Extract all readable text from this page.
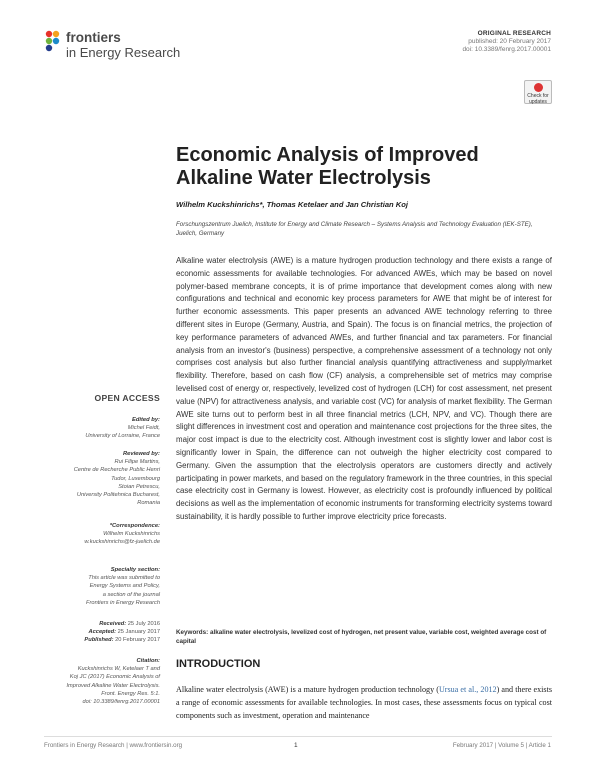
frontiers
in Energy Research
ORIGINAL RESEARCH
published: 20 February 2017
doi: 10.3389/fenrg.2017.00001
Check for updates
Economic Analysis of Improved
Alkaline Water Electrolysis
Wilhelm Kuckshinrichs*, Thomas Ketelaer and Jan Christian Koj
Forschungszentrum Juelich, Institute for Energy and Climate Research – Systems Analysis and Technology Evaluation (IEK-STE), Juelich, Germany
Alkaline water electrolysis (AWE) is a mature hydrogen production technology and there exists a range of economic assessments for available technologies. For advanced AWEs, which may be based on novel polymer-based membrane concepts, it is of prime importance that development comes along with new configurations and technical and economic key process parameters for AWE that might be of interest for further economic assessments. This paper presents an advanced AWE technology referring to three different sites in Europe (Germany, Austria, and Spain). The focus is on financial metrics, the projection of key performance parameters of advanced AWEs, and further financial and tax parameters. For financial analysis from an investor's (business) perspective, a comprehensive assessment of a technology not only comprises cost analysis but also further financial analysis quantifying attractiveness and supply/market flexibility. Therefore, based on cash flow (CF) analysis, a comprehensible set of metrics may comprise levelised cost of energy or, respectively, levelized cost of hydrogen (LCH) for cost assessment, net present value (NPV) for attractiveness analysis, and variable cost (VC) for analysis of market flexibility. The German AWE site turns out to perform best in all three financial metrics (LCH, NPV, and VC). Though there are slight differences in investment cost and operation and maintenance cost projections for the three sites, the major cost impact is due to the electricity cost. Although investment cost is slightly lower and labor cost is significantly lower in Spain, the difference can not outweigh the higher electricity cost compared to Germany. Given the assumption that the electrolysis operators are customers directly and actively participating in power markets, and based on the regulatory framework in the three countries, in this special case electricity cost in Germany is lowest. However, as electricity cost is profoundly influenced by political decisions as well as the implementation of economic instruments for transforming electricity systems toward sustainability, it is hardly possible to further improve electricity price forecasts.
Keywords: alkaline water electrolysis, levelized cost of hydrogen, net present value, variable cost, weighted average cost of capital
INTRODUCTION
Alkaline water electrolysis (AWE) is a mature hydrogen production technology (Ursua et al., 2012) and there exists a range of economic assessments for available technologies. In most cases, these assessments focus on typical cost components such as investment, operation and maintenance
OPEN ACCESS
Edited by:
Michel Feidt,
University of Lorraine, France
Reviewed by:
Rui Filipe Martins,
Centre de Recherche Public Henri
Tudor, Luxembourg
Stoian Petrescu,
University Politehnica Bucharest,
Romania
*Correspondence:
Wilhelm Kuckshinrichs
w.kuckshinrichs@fz-juelich.de
Specialty section:
This article was submitted to
Energy Systems and Policy,
a section of the journal
Frontiers in Energy Research
Received: 25 July 2016
Accepted: 25 January 2017
Published: 20 February 2017
Citation:
Kuckshinrichs W, Ketelaer T and
Koj JC (2017) Economic Analysis of
Improved Alkaline Water Electrolysis.
Front. Energy Res. 5:1.
doi: 10.3389/fenrg.2017.00001
Frontiers in Energy Research | www.frontiersin.org	1	February 2017 | Volume 5 | Article 1
